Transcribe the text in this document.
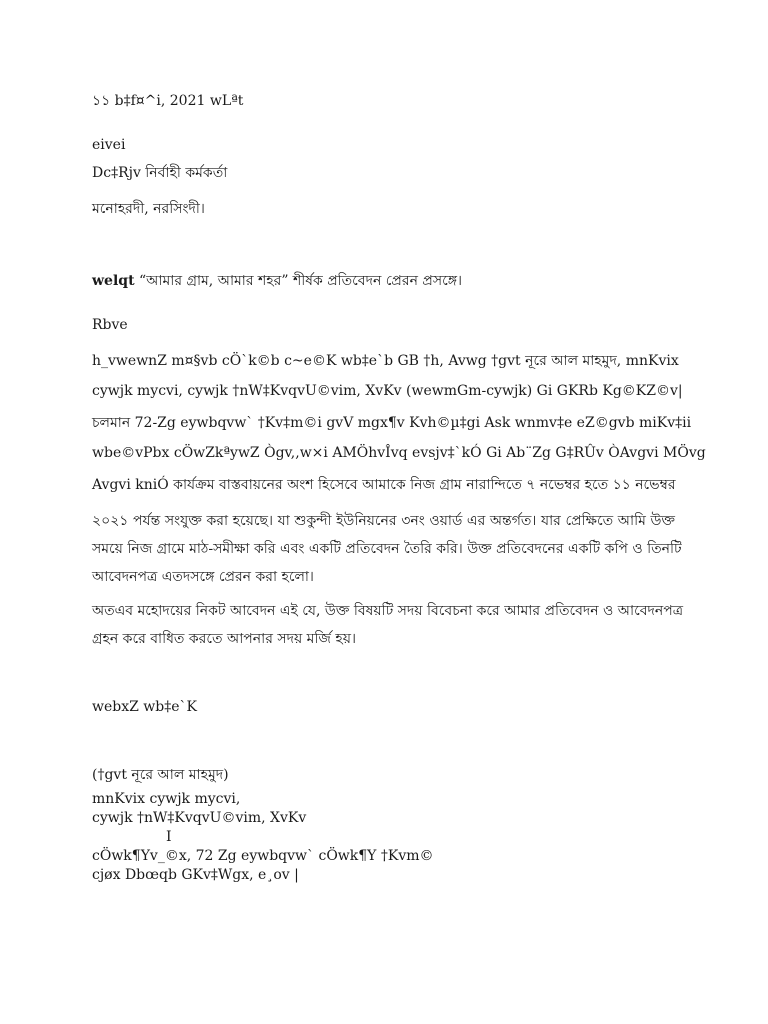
১১ b‡f¤^i, 2021 wLªt
eivei
Dc‡Rjv নির্বাহী কর্মকর্তা
মনোহরদী, নরসিংদী।
welqt “আমার গ্রাম, আমার শহর” শীর্ষক প্রতিবেদন প্রেরন প্রসঙ্গে।
Rbve
h_vwewnZ m¤§vb cÖ`k©b c~e©K wb‡e`b GB †h, Avwg †gvt নূরে আল মাহমুদ, mnKvix
cywjk mycvi, cywjk †nW‡KvqvU©vim, XvKv (wewmGm-cywjk) Gi GKRb Kg©KZ©v|
চলমান 72-Zg eywbqvw` †Kv‡m©i gvV mgx¶v Kvh©µ‡gi Ask wnmv‡e eZ©gvb miKv‡ii
wbe©vPbx cÖwZkªywZ Ògv,,w×i AMÖhvÎvq evsjv‡`kÓ Gi Ab¨Zg G‡RÛv ÒAvgvi MÖvg
Avgvi kniÓ কার্যক্রম বাস্তবায়নের অংশ হিসেবে আমাকে নিজ গ্রাম নারান্দিতে ৭ নভেম্বর হতে ১১ নভেম্বর
২০২১ পর্যন্ত সংযুক্ত করা হয়েছে। যা শুকুন্দী ইউনিয়নের ৩নং ওয়ার্ড এর অন্তর্গত। যার প্রেক্ষিতে আমি উক্ত
সময়ে নিজ গ্রামে মাঠ-সমীক্ষা করি এবং একটি প্রতিবেদন তৈরি করি। উক্ত প্রতিবেদনের একটি কপি ও তিনটি
আবেদনপত্র এতদসঙ্গে প্রেরন করা হলো।
অতএব মহোদয়ের নিকট আবেদন এই যে, উক্ত বিষয়টি সদয় বিবেচনা করে আমার প্রতিবেদন ও আবেদনপত্র
গ্রহন করে বাধিত করতে আপনার সদয় মর্জি হয়।
webxZ wb‡e`K
(†gvt নূরে আল মাহমুদ)
mnKvix cywjk mycvi,
cywjk †nW‡KvqvU©vim, XvKv
I
cÖwk¶Yv_©x, 72 Zg eywbqvw` cÖwk¶Y †Kvm©
cjøx Dbœqb GKv‡Wgx, e¸ov |
